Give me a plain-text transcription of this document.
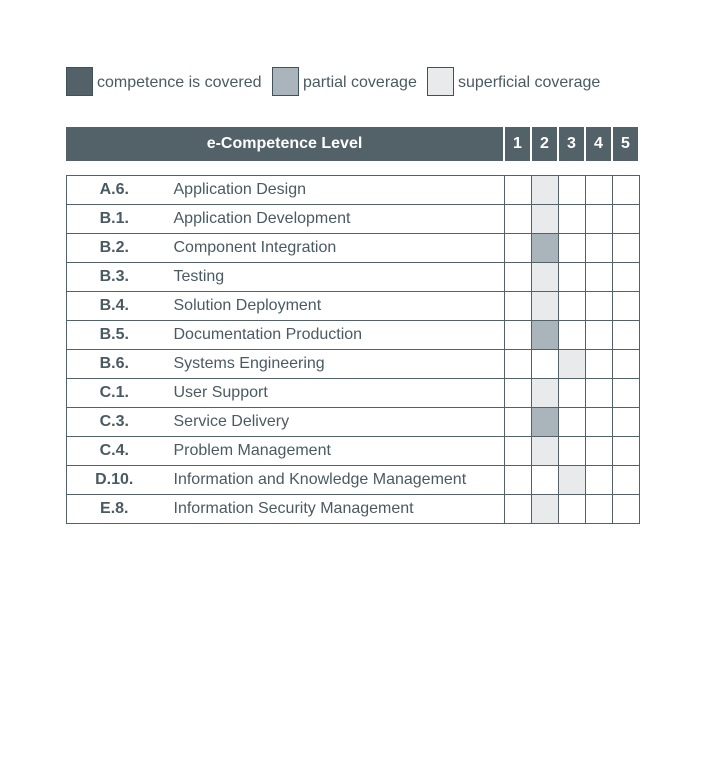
competence is covered	partial coverage	superficial coverage
e-Competence Level	1	2	3	4	5
A.6.	Application Design					
B.1.	Application Development					
B.2.	Component Integration					
B.3.	Testing					
B.4.	Solution Deployment					
B.5.	Documentation Production					
B.6.	Systems Engineering					
C.1.	User Support					
C.3.	Service Delivery					
C.4.	Problem Management					
D.10.	Information and Knowledge Management					
E.8.	Information Security Management					
